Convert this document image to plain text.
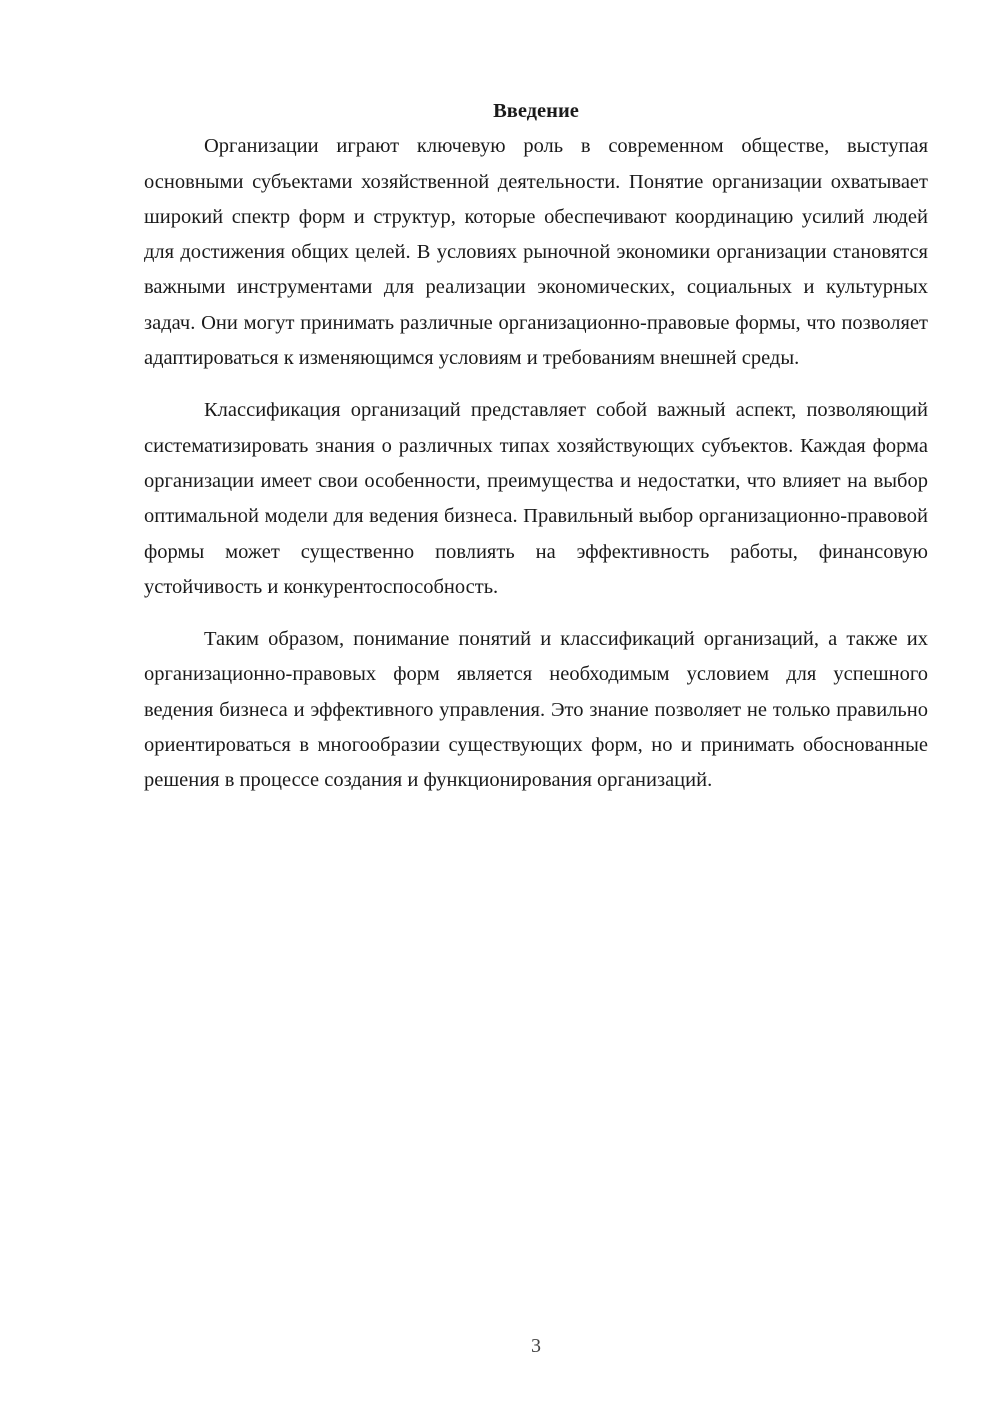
Введение

Организации играют ключевую роль в современном обществе, выступая основными субъектами хозяйственной деятельности. Понятие организации охватывает широкий спектр форм и структур, которые обеспечивают координацию усилий людей для достижения общих целей. В условиях рыночной экономики организации становятся важными инструментами для реализации экономических, социальных и культурных задач. Они могут принимать различные организационно-правовые формы, что позволяет адаптироваться к изменяющимся условиям и требованиям внешней среды.

Классификация организаций представляет собой важный аспект, позволяющий систематизировать знания о различных типах хозяйствующих субъектов. Каждая форма организации имеет свои особенности, преимущества и недостатки, что влияет на выбор оптимальной модели для ведения бизнеса. Правильный выбор организационно-правовой формы может существенно повлиять на эффективность работы, финансовую устойчивость и конкурентоспособность.

Таким образом, понимание понятий и классификаций организаций, а также их организационно-правовых форм является необходимым условием для успешного ведения бизнеса и эффективного управления. Это знание позволяет не только правильно ориентироваться в многообразии существующих форм, но и принимать обоснованные решения в процессе создания и функционирования организаций.

3
